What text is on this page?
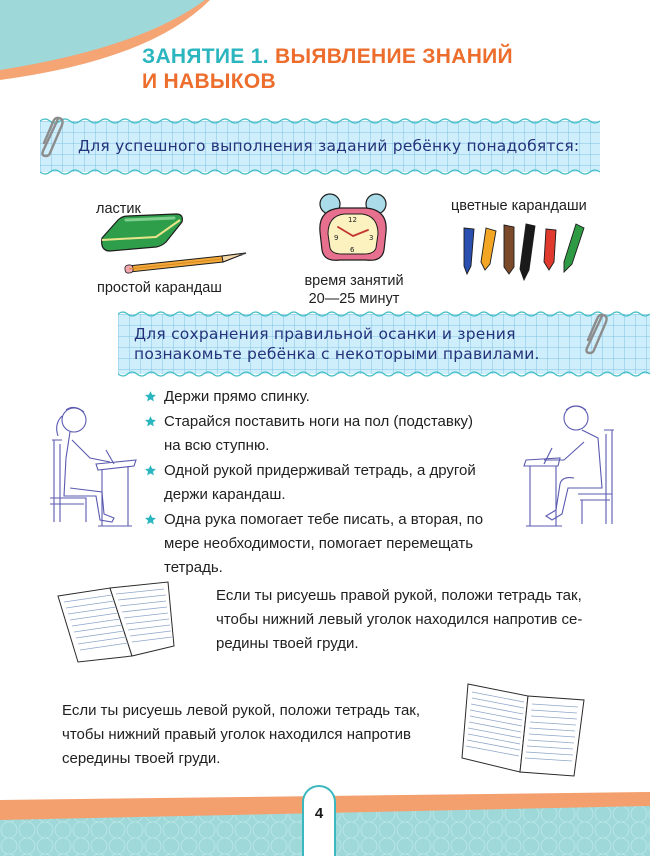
ЗАНЯТИЕ 1. ВЫЯВЛЕНИЕ ЗНАНИЙ
И НАВЫКОВ
Для успешного выполнения заданий ребёнку понадобятся:
ластик
простой карандаш
12
9	3
6
время занятий
20—25 минут
цветные карандаши
Для сохранения правильной осанки и зрения
познакомьте ребёнка с некоторыми правилами.
Держи прямо спинку.
Старайся поставить ноги на пол (подставку) на всю ступню.
Одной рукой придерживай тетрадь, а другой держи карандаш.
Одна рука помогает тебе писать, а вторая, по мере необходимости, помогает перемещать тетрадь.
Если ты рисуешь правой рукой, положи тетрадь так,
чтобы нижний левый уголок находился напротив се-
редины твоей груди.
Если ты рисуешь левой рукой, положи тетрадь так,
чтобы нижний правый уголок находился напротив
середины твоей груди.
4
